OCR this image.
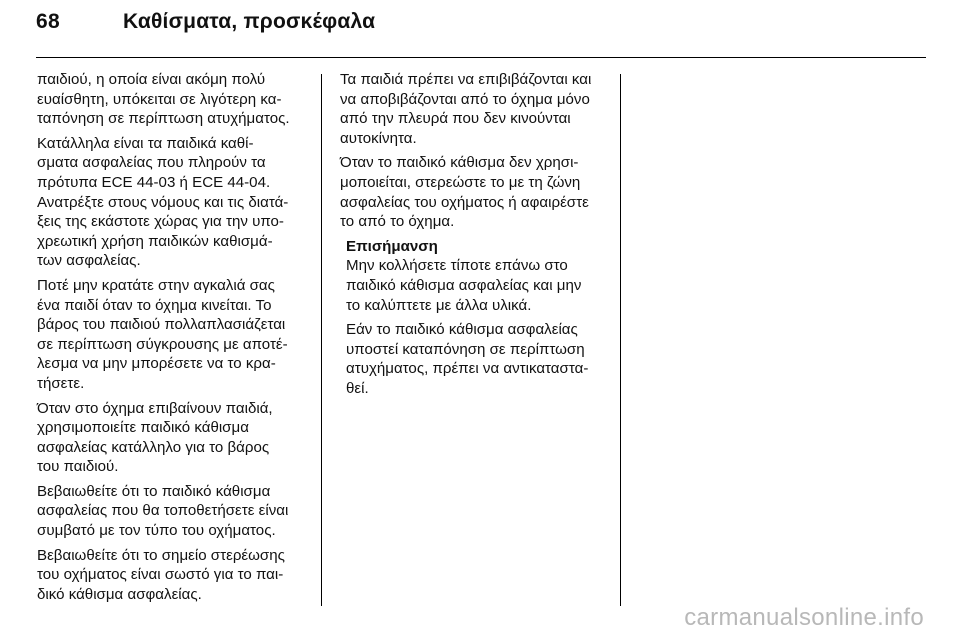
68	Καθίσματα, προσκέφαλα
παιδιού, η οποία είναι ακόμη πολύ
ευαίσθητη, υπόκειται σε λιγότερη κα-
ταπόνηση σε περίπτωση ατυχήματος.
Κατάλληλα είναι τα παιδικά καθί-
σματα ασφαλείας που πληρούν τα
πρότυπα ECE 44-03 ή ECE 44-04.
Ανατρέξτε στους νόμους και τις διατά-
ξεις της εκάστοτε χώρας για την υπο-
χρεωτική χρήση παιδικών καθισμά-
των ασφαλείας.
Ποτέ μην κρατάτε στην αγκαλιά σας
ένα παιδί όταν το όχημα κινείται. Το
βάρος του παιδιού πολλαπλασιάζεται
σε περίπτωση σύγκρουσης με αποτέ-
λεσμα να μην μπορέσετε να το κρα-
τήσετε.
Όταν στο όχημα επιβαίνουν παιδιά,
χρησιμοποιείτε παιδικό κάθισμα
ασφαλείας κατάλληλο για το βάρος
του παιδιού.
Βεβαιωθείτε ότι το παιδικό κάθισμα
ασφαλείας που θα τοποθετήσετε είναι
συμβατό με τον τύπο του οχήματος.
Βεβαιωθείτε ότι το σημείο στερέωσης
του οχήματος είναι σωστό για το παι-
δικό κάθισμα ασφαλείας.
Τα παιδιά πρέπει να επιβιβάζονται και
να αποβιβάζονται από το όχημα μόνο
από την πλευρά που δεν κινούνται
αυτοκίνητα.
Όταν το παιδικό κάθισμα δεν χρησι-
μοποιείται, στερεώστε το με τη ζώνη
ασφαλείας του οχήματος ή αφαιρέστε
το από το όχημα.
Επισήμανση
Μην κολλήσετε τίποτε επάνω στο
παιδικό κάθισμα ασφαλείας και μην
το καλύπτετε με άλλα υλικά.
Εάν το παιδικό κάθισμα ασφαλείας
υποστεί καταπόνηση σε περίπτωση
ατυχήματος, πρέπει να αντικαταστα-
θεί.
carmanualsonline.info
